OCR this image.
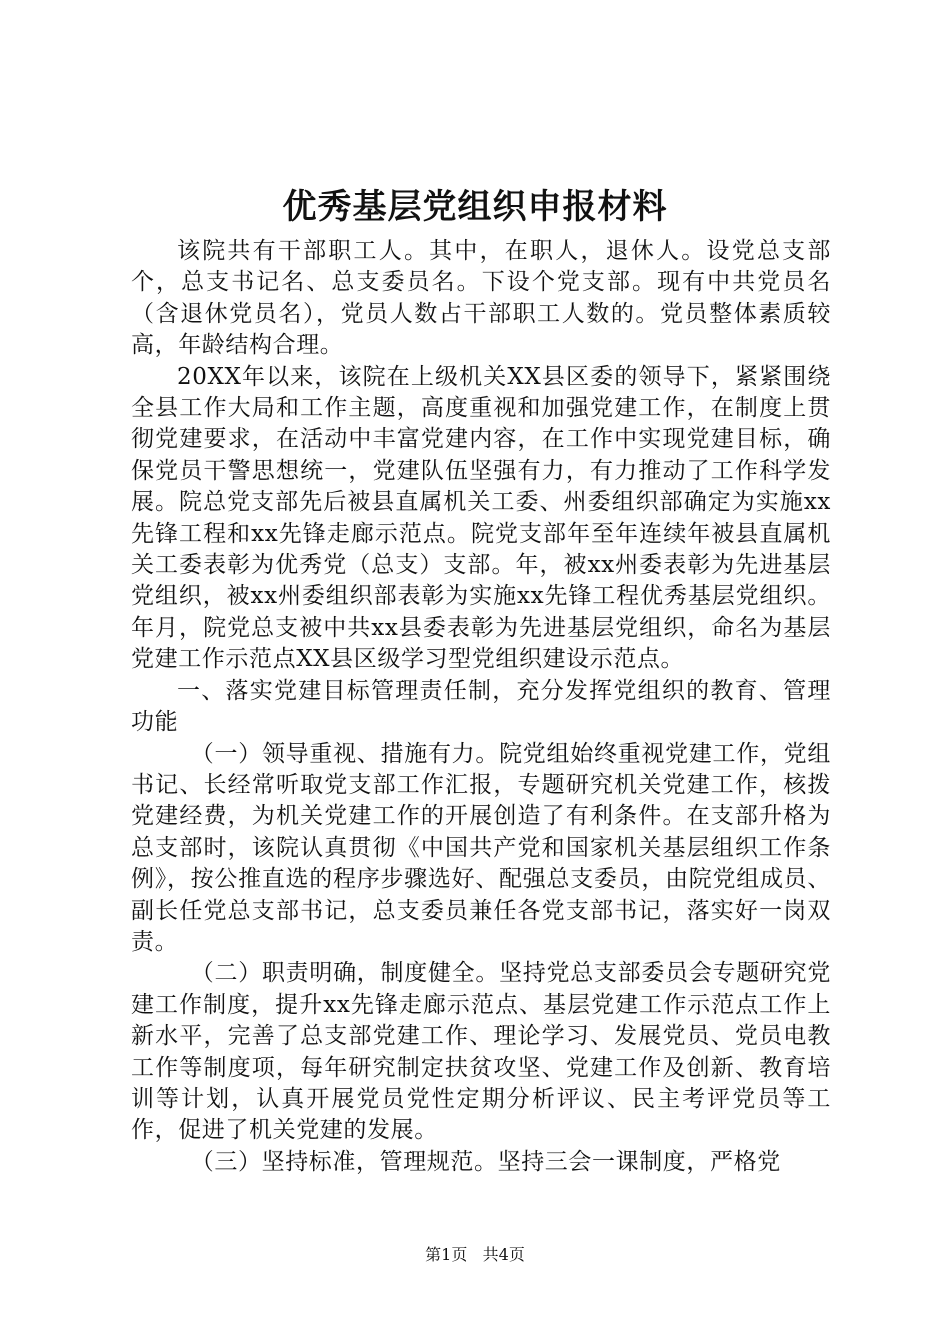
优秀基层党组织申报材料

该院共有干部职工人。其中，在职人，退休人。设党总支部个，总支书记名、总支委员名。下设个党支部。现有中共党员名（含退休党员名），党员人数占干部职工人数的。党员整体素质较高，年龄结构合理。

20XX年以来，该院在上级机关XX县区委的领导下，紧紧围绕全县工作大局和工作主题，高度重视和加强党建工作，在制度上贯彻党建要求，在活动中丰富党建内容，在工作中实现党建目标，确保党员干警思想统一，党建队伍坚强有力，有力推动了工作科学发展。院总党支部先后被县直属机关工委、州委组织部确定为实施xx先锋工程和xx先锋走廊示范点。院党支部年至年连续年被县直属机关工委表彰为优秀党（总支）支部。年，被xx州委表彰为先进基层党组织，被xx州委组织部表彰为实施xx先锋工程优秀基层党组织。年月，院党总支被中共xx县委表彰为先进基层党组织，命名为基层党建工作示范点XX县区级学习型党组织建设示范点。

一、落实党建目标管理责任制，充分发挥党组织的教育、管理功能

（一）领导重视、措施有力。院党组始终重视党建工作，党组书记、长经常听取党支部工作汇报，专题研究机关党建工作，核拨党建经费，为机关党建工作的开展创造了有利条件。在支部升格为总支部时，该院认真贯彻《中国共产党和国家机关基层组织工作条例》，按公推直选的程序步骤选好、配强总支委员，由院党组成员、副长任党总支部书记，总支委员兼任各党支部书记，落实好一岗双责。

（二）职责明确，制度健全。坚持党总支部委员会专题研究党建工作制度，提升xx先锋走廊示范点、基层党建工作示范点工作上新水平，完善了总支部党建工作、理论学习、发展党员、党员电教工作等制度项，每年研究制定扶贫攻坚、党建工作及创新、教育培训等计划，认真开展党员党性定期分析评议、民主考评党员等工作，促进了机关党建的发展。

（三）坚持标准，管理规范。坚持三会一课制度，严格党

第1页 共4页
